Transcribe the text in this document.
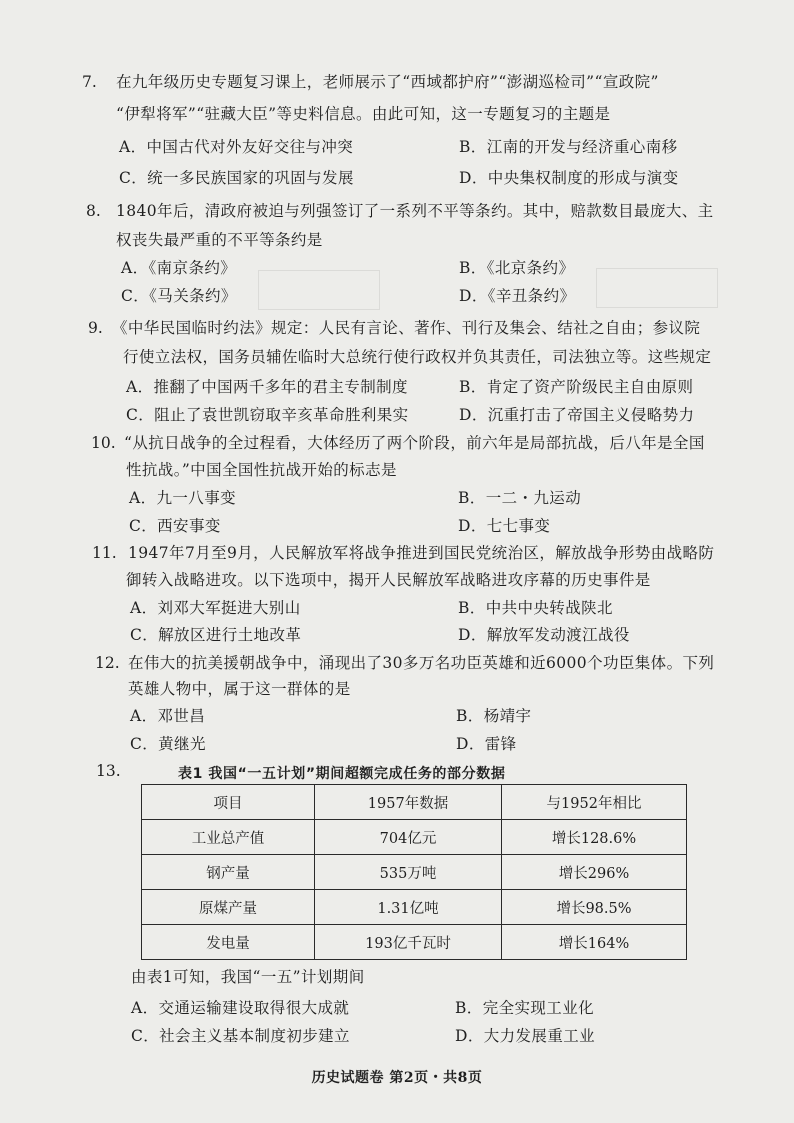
7. 在九年级历史专题复习课上，老师展示了“西域都护府”“澎湖巡检司”“宣政院”
“伊犁将军”“驻藏大臣”等史料信息。由此可知，这一专题复习的主题是
A．中国古代对外友好交往与冲突	B．江南的开发与经济重心南移
C．统一多民族国家的巩固与发展	D．中央集权制度的形成与演变
8. 1840年后，清政府被迫与列强签订了一系列不平等条约。其中，赔款数目最庞大、主
权丧失最严重的不平等条约是
A．《南京条约》	B．《北京条约》
C．《马关条约》	D．《辛丑条约》
9. 《中华民国临时约法》规定：人民有言论、著作、刊行及集会、结社之自由；参议院
行使立法权，国务员辅佐临时大总统行使行政权并负其责任，司法独立等。这些规定
A．推翻了中国两千多年的君主专制制度	B．肯定了资产阶级民主自由原则
C．阻止了袁世凯窃取辛亥革命胜利果实	D．沉重打击了帝国主义侵略势力
10. “从抗日战争的全过程看，大体经历了两个阶段，前六年是局部抗战，后八年是全国
性抗战。”中国全国性抗战开始的标志是
A．九一八事变	B．一二・九运动
C．西安事变	D．七七事变
11. 1947年7月至9月，人民解放军将战争推进到国民党统治区，解放战争形势由战略防
御转入战略进攻。以下选项中，揭开人民解放军战略进攻序幕的历史事件是
A．刘邓大军挺进大别山	B．中共中央转战陕北
C．解放区进行土地改革	D．解放军发动渡江战役
12. 在伟大的抗美援朝战争中，涌现出了30多万名功臣英雄和近6000个功臣集体。下列
英雄人物中，属于这一群体的是
A．邓世昌	B．杨靖宇
C．黄继光	D．雷锋
13.	表1 我国“一五计划”期间超额完成任务的部分数据
项目	1957年数据	与1952年相比
工业总产值	704亿元	增长128.6%
钢产量	535万吨	增长296%
原煤产量	1.31亿吨	增长98.5%
发电量	193亿千瓦时	增长164%
由表1可知，我国“一五”计划期间
A．交通运输建设取得很大成就	B．完全实现工业化
C．社会主义基本制度初步建立	D．大力发展重工业
历史试题卷 第2页・共8页
